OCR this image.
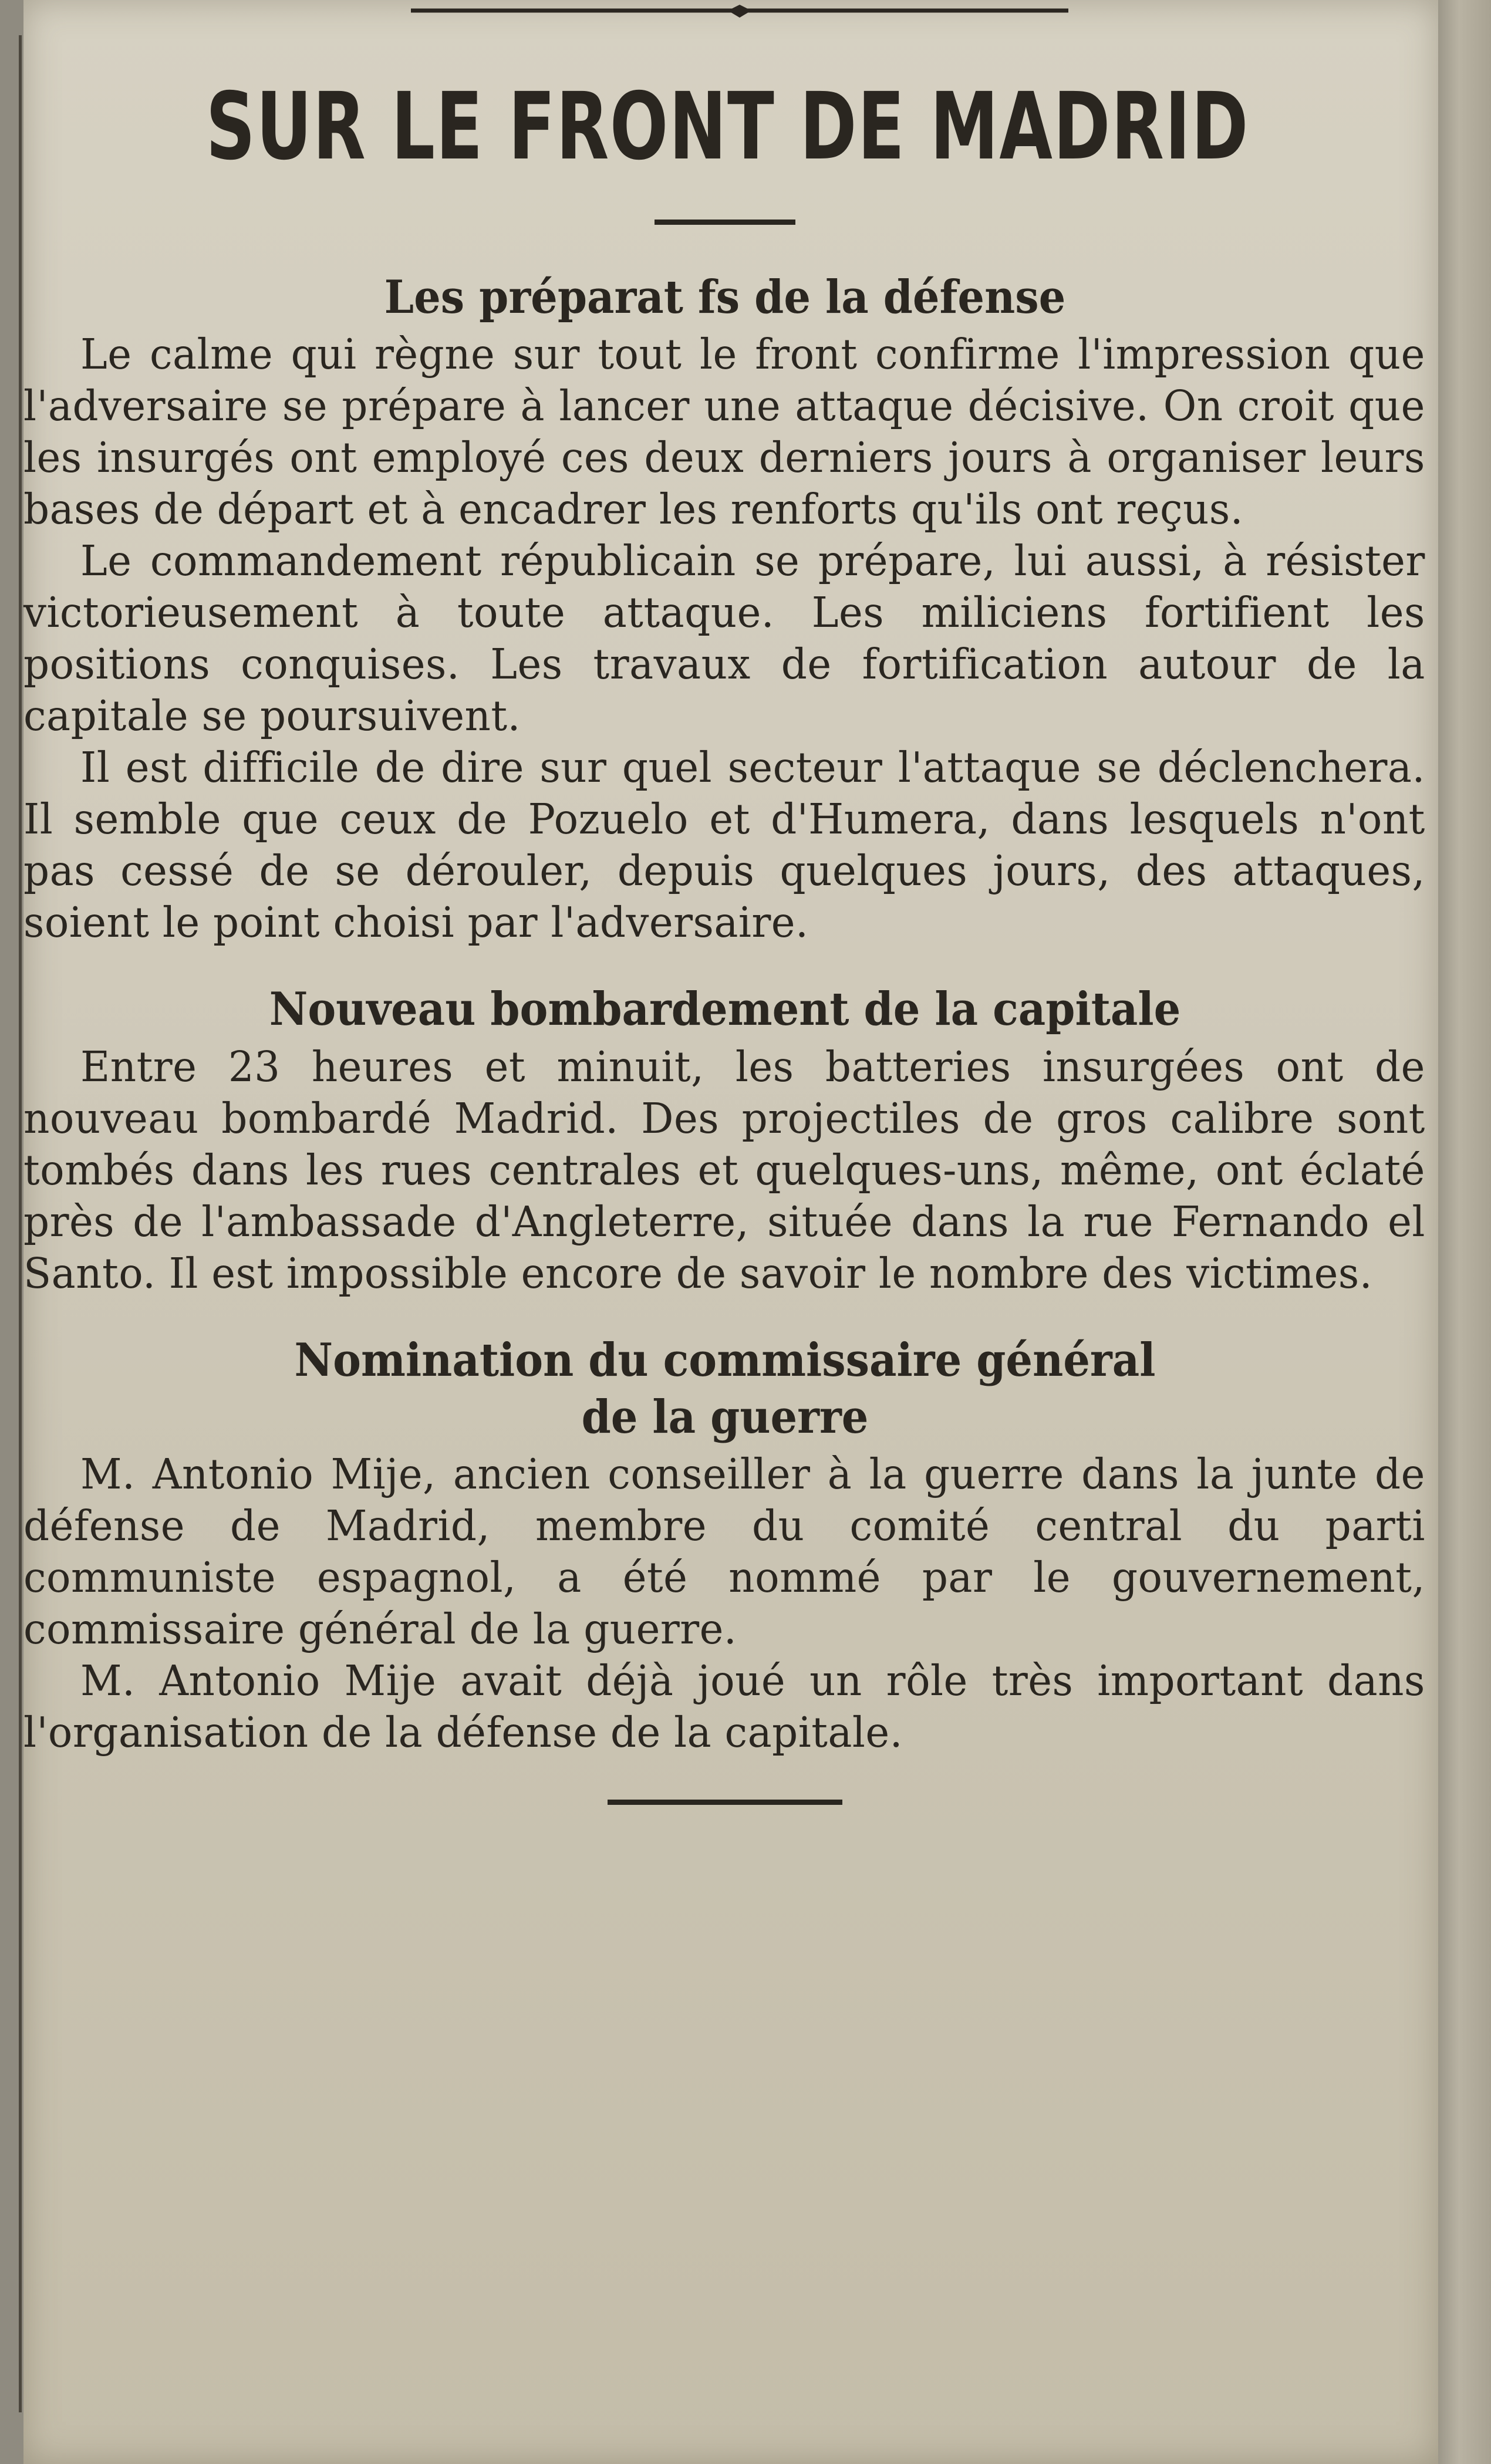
SUR LE FRONT DE MADRID
Les préparat fs de la défense

Le calme qui règne sur tout le front confirme l'impression que l'adversaire se prépare à lancer une attaque décisive. On croit que les insurgés ont employé ces deux derniers jours à organiser leurs bases de départ et à encadrer les renforts qu'ils ont reçus.

Le commandement républicain se prépare, lui aussi, à résister victorieusement à toute attaque. Les miliciens fortifient les positions conquises. Les travaux de fortification autour de la capitale se poursuivent.

Il est difficile de dire sur quel secteur l'attaque se déclenchera. Il semble que ceux de Pozuelo et d'Humera, dans lesquels n'ont pas cessé de se dérouler, depuis quelques jours, des attaques, soient le point choisi par l'adversaire.

Nouveau bombardement de la capitale

Entre 23 heures et minuit, les batteries insurgées ont de nouveau bombardé Madrid. Des projectiles de gros calibre sont tombés dans les rues centrales et quelques-uns, même, ont éclaté près de l'ambassade d'Angleterre, située dans la rue Fernando el Santo. Il est impossible encore de savoir le nombre des victimes.

Nomination du commissaire général
de la guerre

M. Antonio Mije, ancien conseiller à la guerre dans la junte de défense de Madrid, membre du comité central du parti communiste espagnol, a été nommé par le gouvernement, commissaire général de la guerre.

M. Antonio Mije avait déjà joué un rôle très important dans l'organisation de la défense de la capitale.
